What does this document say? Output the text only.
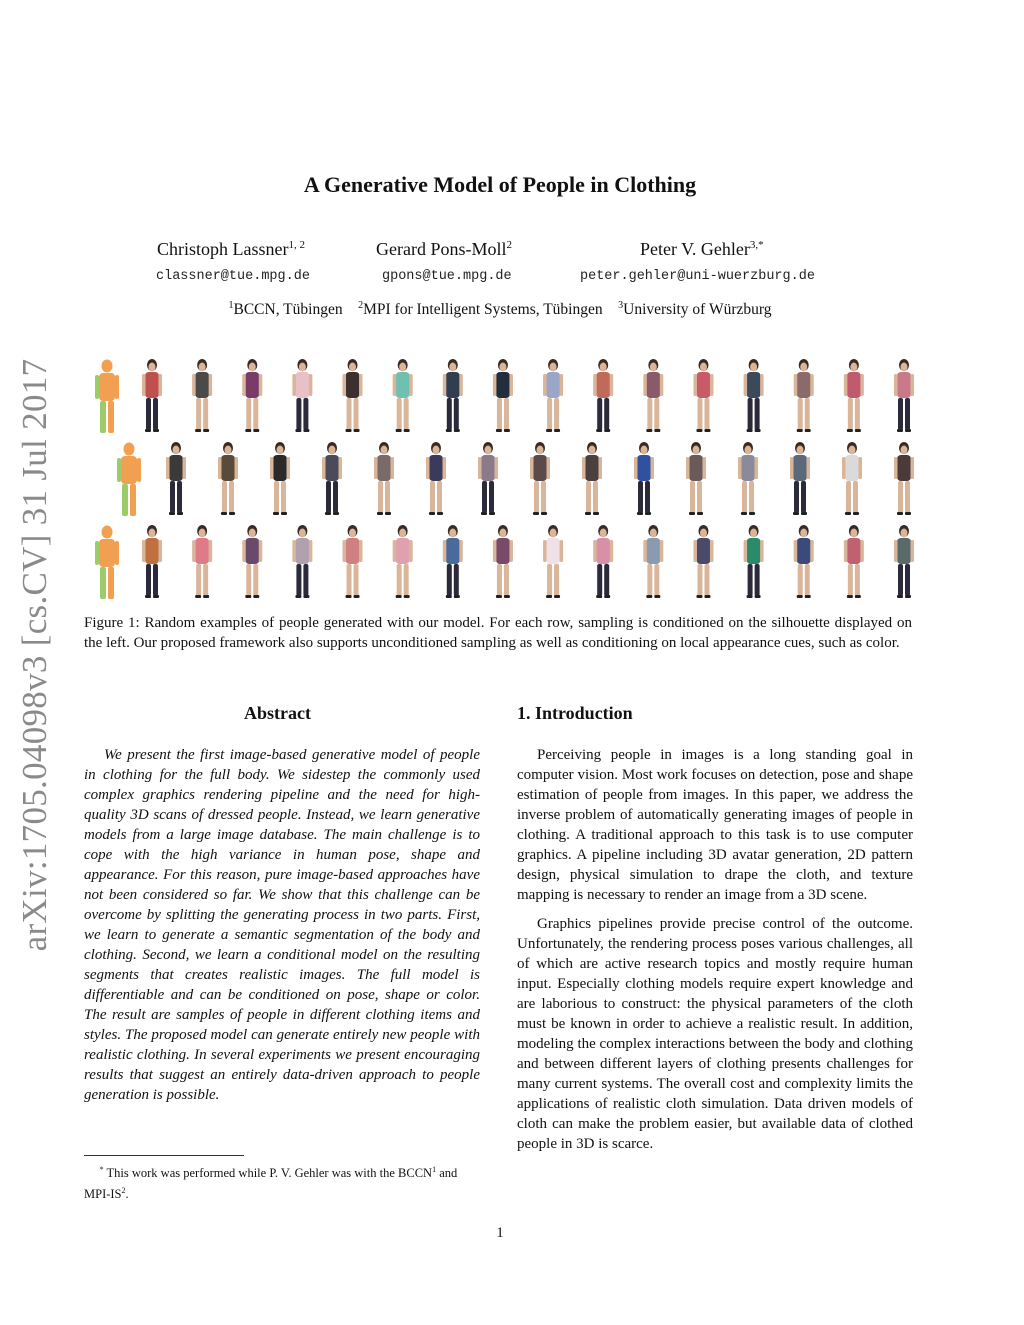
arXiv:1705.04098v3 [cs.CV] 31 Jul 2017
A Generative Model of People in Clothing
Christoph Lassner$^{1, 2}$
classner@tue.mpg.de
Gerard Pons-Moll$^2$
gpons@tue.mpg.de
Peter V. Gehler$^{3,*}$
peter.gehler@uni-wuerzburg.de
$^1$BCCN, Tübingen $^2$MPI for Intelligent Systems, Tübingen $^3$University of Würzburg
Figure 1: Random examples of people generated with our model. For each row, sampling is conditioned on the silhouette displayed on the left. Our proposed framework also supports unconditioned sampling as well as conditioning on local appearance cues, such as color.
Abstract
We present the first image-based generative model of people in clothing for the full body. We sidestep the commonly used complex graphics rendering pipeline and the need for high-quality 3D scans of dressed people. Instead, we learn generative models from a large image database. The main challenge is to cope with the high variance in human pose, shape and appearance. For this reason, pure image-based approaches have not been considered so far. We show that this challenge can be overcome by splitting the generating process in two parts. First, we learn to generate a semantic segmentation of the body and clothing. Second, we learn a conditional model on the resulting segments that creates realistic images. The full model is differentiable and can be conditioned on pose, shape or color. The result are samples of people in different clothing items and styles. The proposed model can generate entirely new people with realistic clothing. In several experiments we present encouraging results that suggest an entirely data-driven approach to people generation is possible.
1. Introduction

Perceiving people in images is a long standing goal in computer vision. Most work focuses on detection, pose and shape estimation of people from images. In this paper, we address the inverse problem of automatically generating images of people in clothing. A traditional approach to this task is to use computer graphics. A pipeline including 3D avatar generation, 2D pattern design, physical simulation to drape the cloth, and texture mapping is necessary to render an image from a 3D scene.

Graphics pipelines provide precise control of the outcome. Unfortunately, the rendering process poses various challenges, all of which are active research topics and mostly require human input. Especially clothing models require expert knowledge and are laborious to construct: the physical parameters of the cloth must be known in order to achieve a realistic result. In addition, modeling the complex interactions between the body and clothing and between different layers of clothing presents challenges for many current systems. The overall cost and complexity limits the applications of realistic cloth simulation. Data driven models of cloth can make the problem easier, but available data of clothed people in 3D is scarce.

* This work was performed while P. V. Gehler was with the BCCN$^1$ and MPI-$IS^2$.
1
